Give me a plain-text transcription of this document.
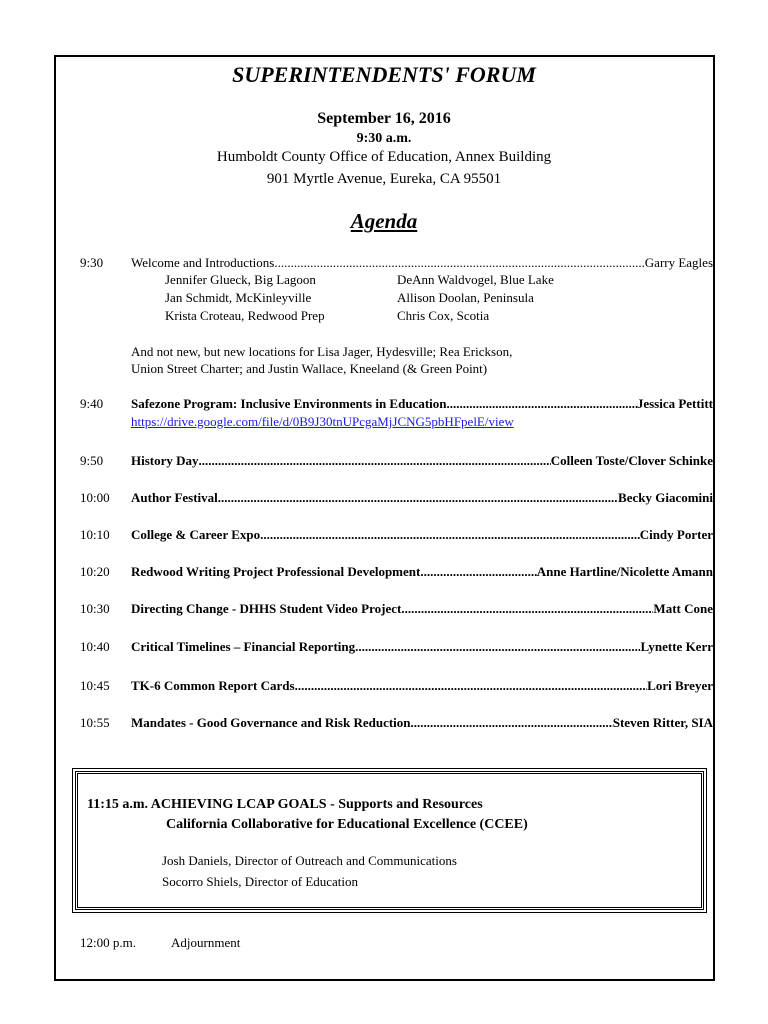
SUPERINTENDENTS' FORUM
September 16, 2016
9:30 a.m.
Humboldt County Office of Education, Annex Building
901 Myrtle Avenue, Eureka, CA 95501
Agenda
9:30 Welcome and Introductions .....	Garry Eagles
Jennifer Glueck, Big Lagoon	DeAnn Waldvogel, Blue Lake
Jan Schmidt, McKinleyville	Allison Doolan, Peninsula
Krista Croteau, Redwood Prep	Chris Cox, Scotia
And not new, but new locations for Lisa Jager, Hydesville; Rea Erickson,
Union Street Charter; and Justin Wallace, Kneeland (& Green Point)
9:40 Safezone Program: Inclusive Environments in Education .....	Jessica Pettitt
https://drive.google.com/file/d/0B9J30tnUPcgaMjJCNG5pbHFpelE/view
9:50 History Day .....	Colleen Toste/Clover Schinke
10:00 Author Festival .....	Becky Giacomini
10:10 College & Career Expo .....	Cindy Porter
10:20 Redwood Writing Project Professional Development .....	Anne Hartline/Nicolette Amann
10:30 Directing Change - DHHS Student Video Project .....	Matt Cone
10:40 Critical Timelines – Financial Reporting .....	Lynette Kerr
10:45 TK-6 Common Report Cards .....	Lori Breyer
10:55 Mandates - Good Governance and Risk Reduction .....	Steven Ritter, SIA
11:15 a.m. ACHIEVING LCAP GOALS - Supports and Resources
California Collaborative for Educational Excellence (CCEE)
Josh Daniels, Director of Outreach and Communications
Socorro Shiels, Director of Education
12:00 p.m.	Adjournment
